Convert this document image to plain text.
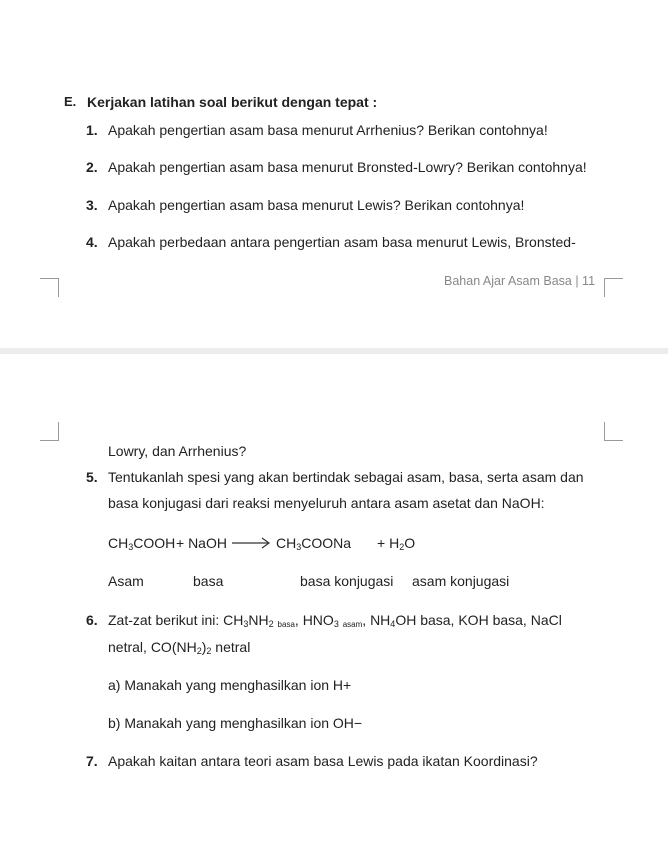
E. Kerjakan latihan soal berikut dengan tepat :
1. Apakah pengertian asam basa menurut Arrhenius? Berikan contohnya!
2. Apakah pengertian asam basa menurut Bronsted-Lowry? Berikan contohnya!
3. Apakah pengertian asam basa menurut Lewis? Berikan contohnya!
4. Apakah perbedaan antara pengertian asam basa menurut Lewis, Bronsted-
Bahan Ajar Asam Basa | 11
Lowry, dan Arrhenius?
5. Tentukanlah spesi yang akan bertindak sebagai asam, basa, serta asam dan
basa konjugasi dari reaksi menyeluruh antara asam asetat dan NaOH:
$CH_3COOH$ + NaOH → $CH_3COONa + H_2O$
Asam	basa	basa konjugasi asam konjugasi
6. Zat-zat berikut ini: $CH_3NH_2$ basa, $HNO_3$ asam, $NH_4OH$ basa, KOH basa, NaCl
netral, $CO(NH_2)_2$ netral
a) Manakah yang menghasilkan ion H+
b) Manakah yang menghasilkan ion OH−
7. Apakah kaitan antara teori asam basa Lewis pada ikatan Koordinasi?
